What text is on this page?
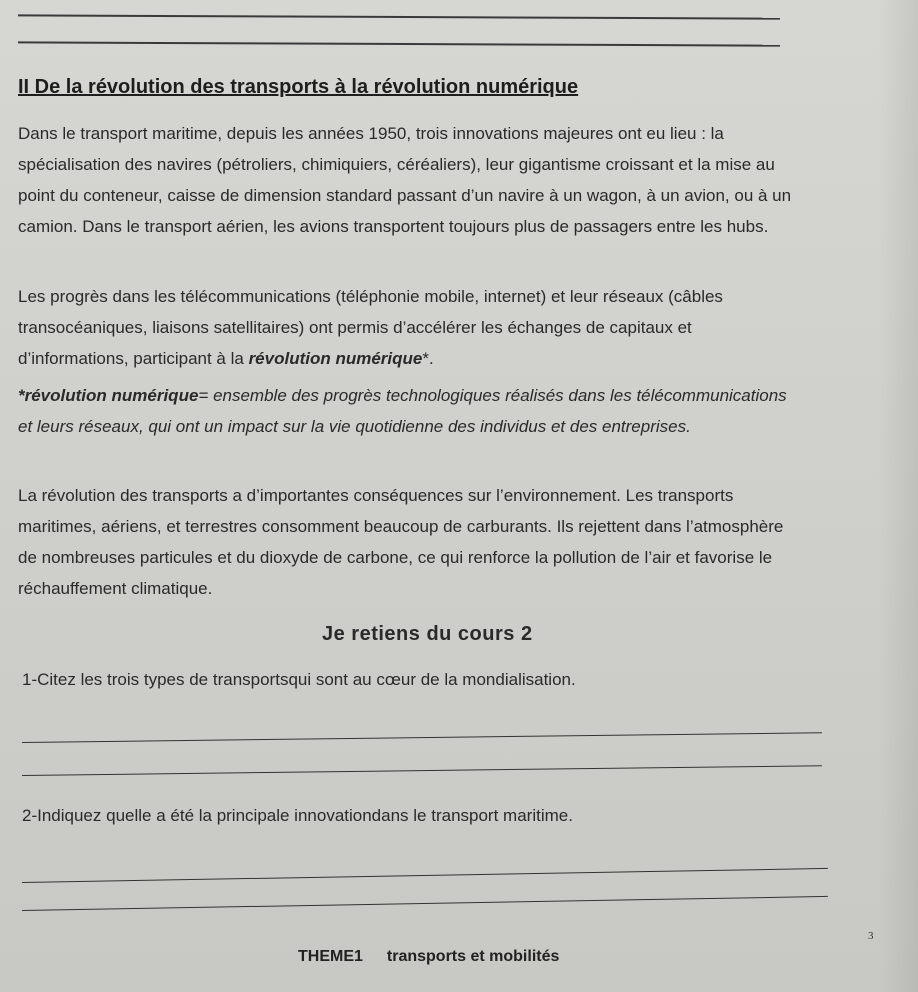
II De la révolution des transports à la révolution numérique

Dans le transport maritime, depuis les années 1950, trois innovations majeures ont eu lieu : la spécialisation des navires (pétroliers, chimiquiers, céréaliers), leur gigantisme croissant et la mise au point du conteneur, caisse de dimension standard passant d’un navire à un wagon, à un avion, ou à un camion. Dans le transport aérien, les avions transportent toujours plus de passagers entre les hubs.

Les progrès dans les télécommunications (téléphonie mobile, internet) et leur réseaux (câbles transocéaniques, liaisons satellitaires) ont permis d’accélérer les échanges de capitaux et d’informations, participant à la révolution numérique*.

*révolution numérique= ensemble des progrès technologiques réalisés dans les télécommunications et leurs réseaux, qui ont un impact sur la vie quotidienne des individus et des entreprises.

La révolution des transports a d’importantes conséquences sur l’environnement. Les transports maritimes, aériens, et terrestres consomment beaucoup de carburants. Ils rejettent dans l’atmosphère de nombreuses particules et du dioxyde de carbone, ce qui renforce la pollution de l’air et favorise le réchauffement climatique.

Je retiens du cours 2

1-Citez les trois types de transportsqui sont au cœur de la mondialisation.

2-Indiquez quelle a été la principale innovationdans le transport maritime.

3
THEME1 transports et mobilités
